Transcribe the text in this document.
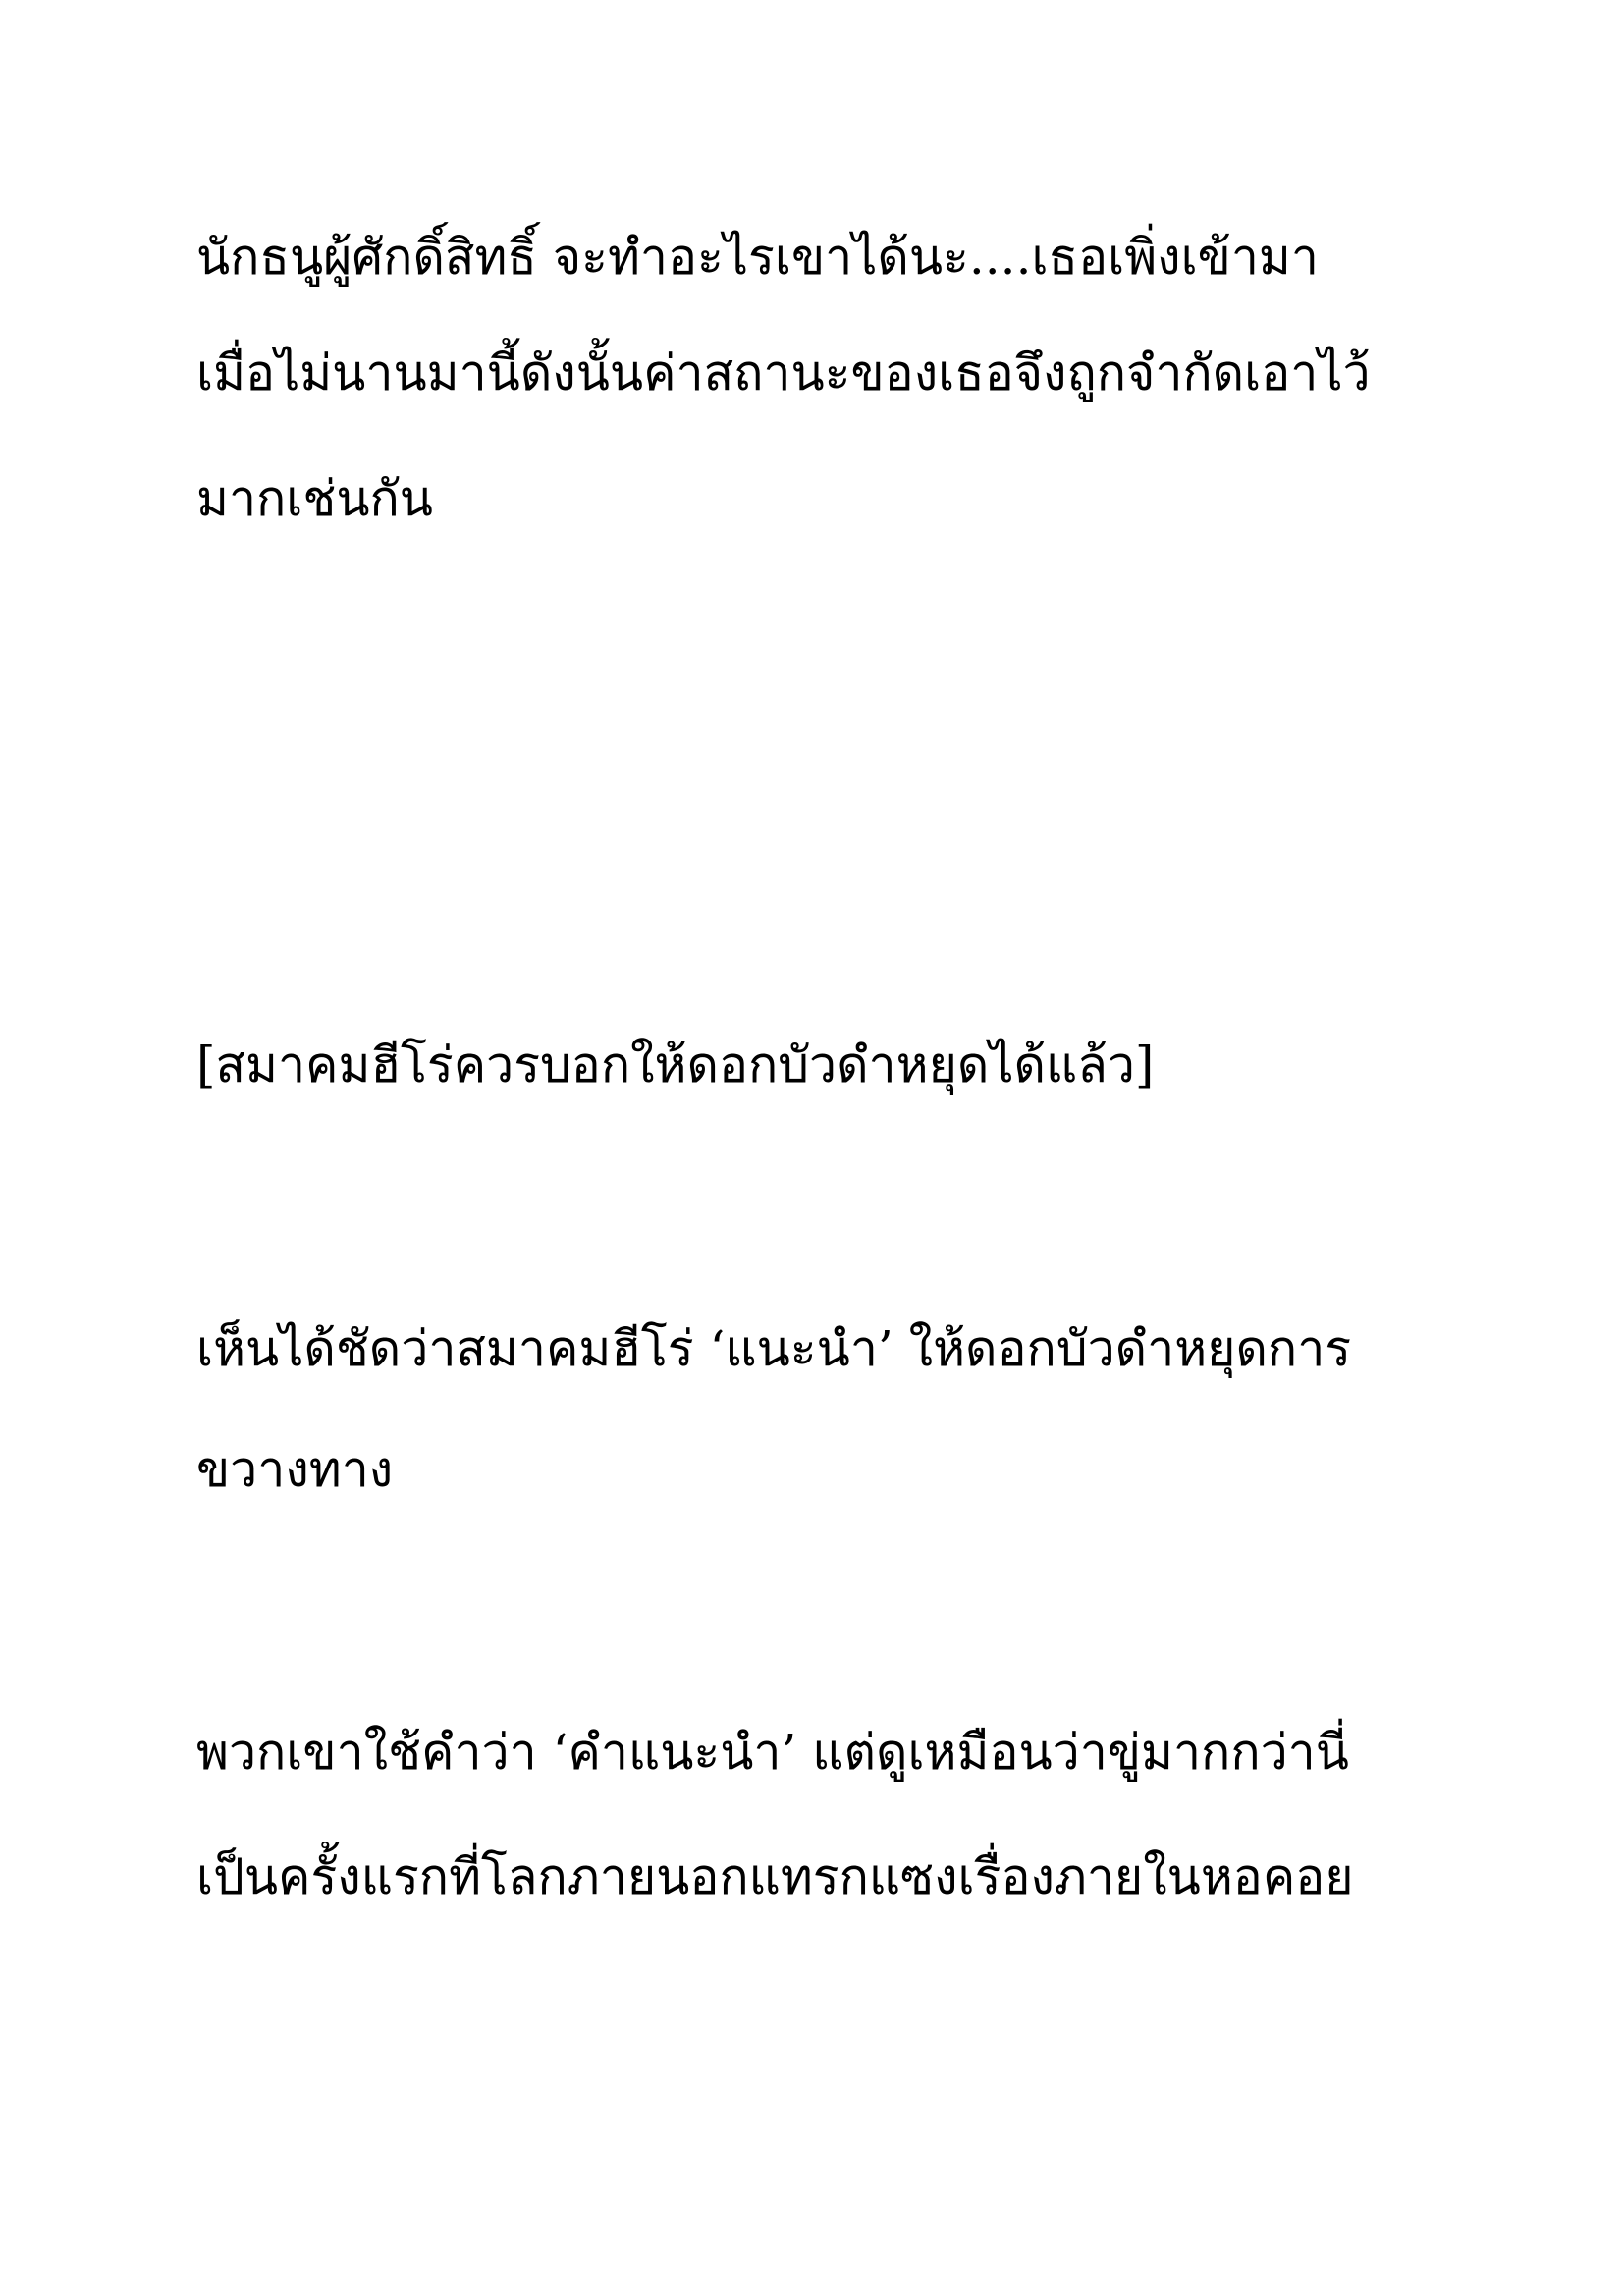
นักธนูผู้ศักดิ์สิทธิ์ จะทำอะไรเขาได้นะ....เธอเพิ่งเข้ามา

เมื่อไม่นานมานี้ดังนั้นค่าสถานะของเธอจึงถูกจำกัดเอาไว้

มากเช่นกัน

[สมาคมฮีโร่ควรบอกให้ดอกบัวดำหยุดได้แล้ว]

เห็นได้ชัดว่าสมาคมฮีโร่ ‘แนะนำ’ ให้ดอกบัวดำหยุดการ

ขวางทาง

พวกเขาใช้คำว่า ‘คำแนะนำ’ แต่ดูเหมือนว่าขู่มากกว่านี่

เป็นครั้งแรกที่โลกภายนอกแทรกแซงเรื่องภายในหอคอย
